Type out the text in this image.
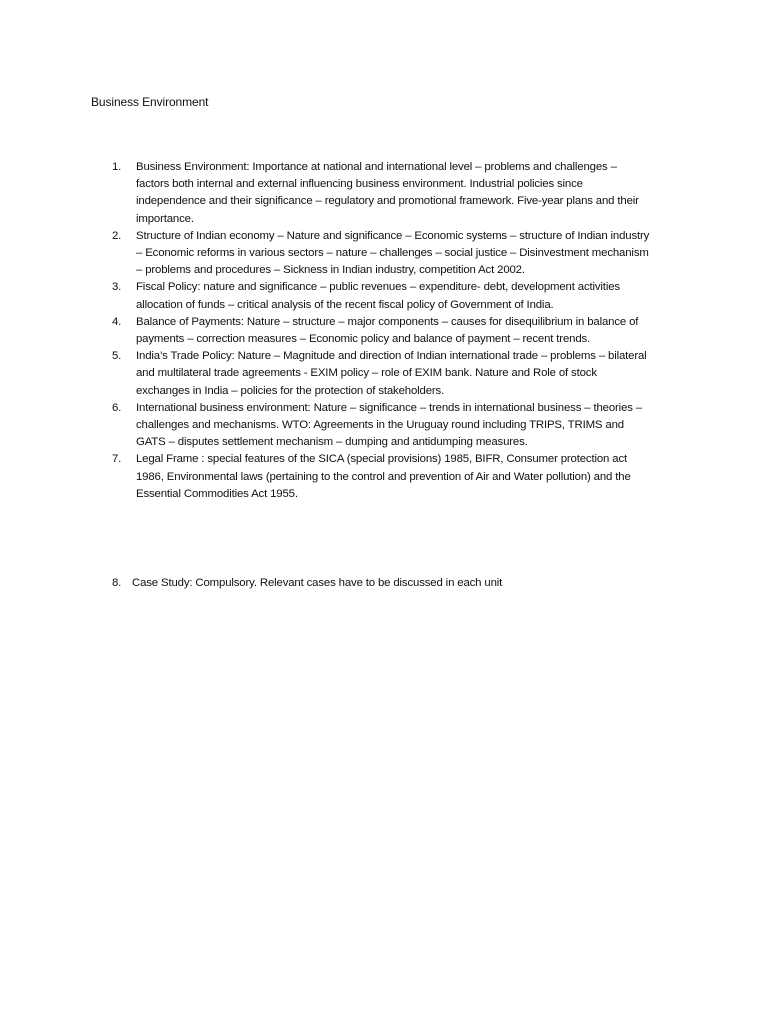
Business Environment
1. Business Environment: Importance at national and international level – problems and challenges – factors both internal and external influencing business environment. Industrial policies since independence and their significance – regulatory and promotional framework. Five-year plans and their importance.
2. Structure of Indian economy – Nature and significance – Economic systems – structure of Indian industry – Economic reforms in various sectors – nature – challenges – social justice – Disinvestment mechanism – problems and procedures – Sickness in Indian industry, competition Act 2002.
3. Fiscal Policy: nature and significance – public revenues – expenditure- debt, development activities allocation of funds – critical analysis of the recent fiscal policy of Government of India.
4. Balance of Payments: Nature – structure – major components – causes for disequilibrium in balance of payments – correction measures – Economic policy and balance of payment – recent trends.
5. India’s Trade Policy: Nature – Magnitude and direction of Indian international trade – problems – bilateral and multilateral trade agreements - EXIM policy – role of EXIM bank. Nature and Role of stock exchanges in India – policies for the protection of stakeholders.
6. International business environment: Nature – significance – trends in international business – theories – challenges and mechanisms. WTO: Agreements in the Uruguay round including TRIPS, TRIMS and GATS – disputes settlement mechanism – dumping and antidumping measures.
7. Legal Frame : special features of the SICA (special provisions) 1985, BIFR, Consumer protection act 1986, Environmental laws (pertaining to the control and prevention of Air and Water pollution) and the Essential Commodities Act 1955.
8. Case Study: Compulsory. Relevant cases have to be discussed in each unit
